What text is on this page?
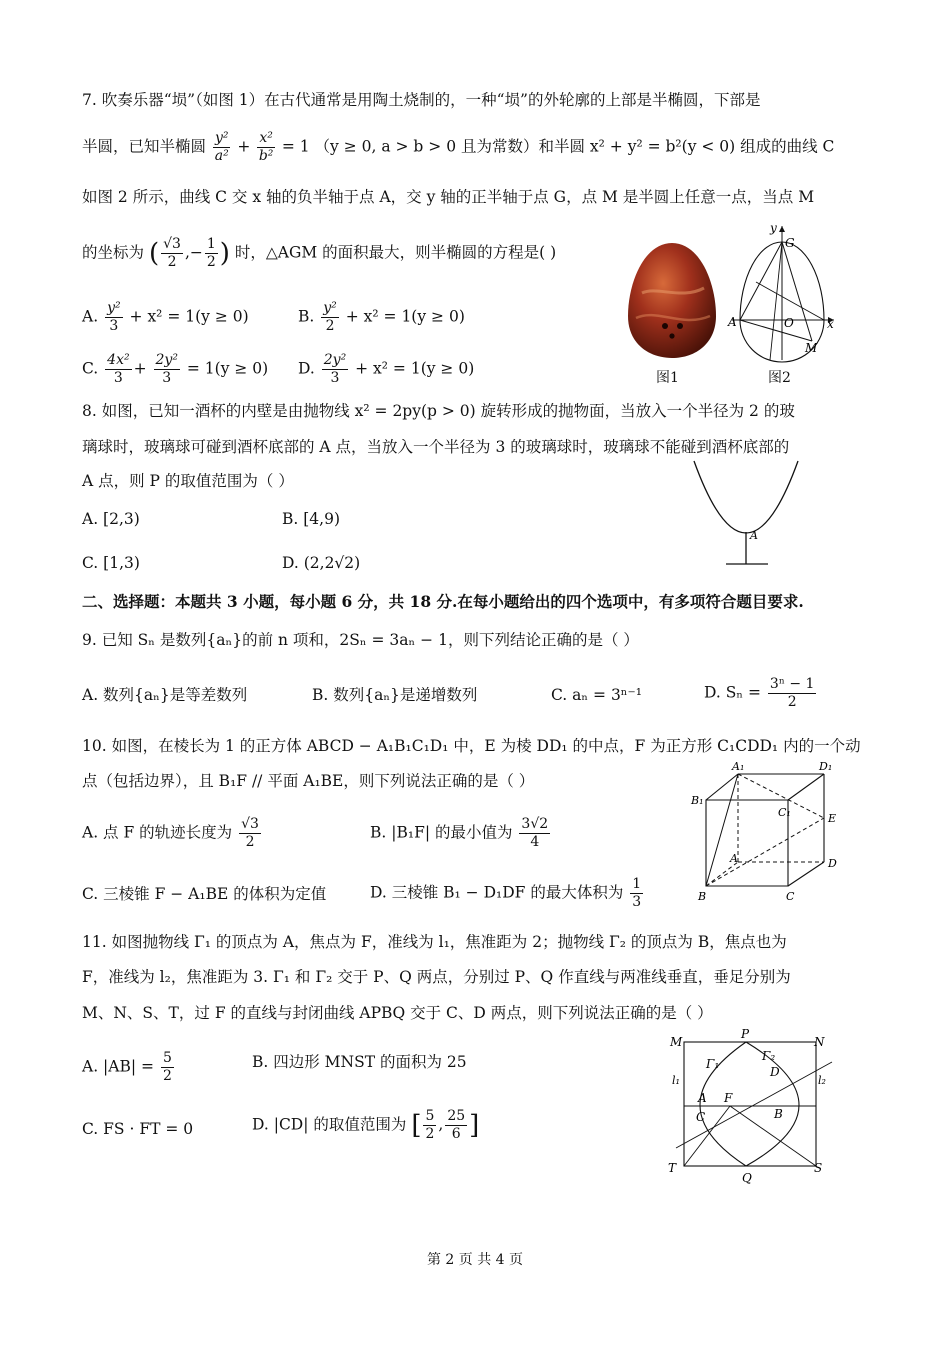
7. 吹奏乐器“埙”（如图 1）在古代通常是用陶土烧制的，一种“埙”的外轮廓的上部是半椭圆，下部是
半圆，已知半椭圆 $\frac{\text{y²}}{\text{a²}} + \frac{\text{x²}}{\text{b²}} = 1$ （y ≥ 0, a > b > 0 且为常数）和半圆 x² + y² = b²(y < 0) 组成的曲线 C
如图 2 所示，曲线 C 交 x 轴的负半轴于点 A，交 y 轴的正半轴于点 G，点 M 是半圆上任意一点，当点 M
的坐标为 ( $\frac{√3}{2}$ ,− $\frac{1}{2}$ ) 时，△AGM 的面积最大，则半椭圆的方程是( )
A. $\frac{\text{y²}}{3} + x^2 = 1(y \ge 0)$	B. $\frac{\text{y²}}{2} + x^2 = 1(y \ge 0)$
C. $\frac{\text{4x²}}{3} + \frac{\text{2y²}}{3} = 1(y \ge 0)$ D. $\frac{\text{2y²}}{3} + x^2 = 1(y \ge 0)$
图1
G
y
A	O	x
M
图2
8. 如图，已知一酒杯的内壁是由抛物线 x² = 2py(p > 0) 旋转形成的抛物面，当放入一个半径为 2 的玻
璃球时，玻璃球可碰到酒杯底部的 A 点，当放入一个半径为 3 的玻璃球时，玻璃球不能碰到酒杯底部的
A 点，则 P 的取值范围为（ ）
A. [2,3)	B. [4,9)
C. [1,3)	D. (2,2√2)
A
二、选择题：本题共 3 小题，每小题 6 分，共 18 分.在每小题给出的四个选项中，有多项符合题目要求.
9. 已知 Sₙ 是数列{aₙ}的前 n 项和，2Sₙ = 3aₙ − 1，则下列结论正确的是（ ）
A. 数列{aₙ}是等差数列	B. 数列{aₙ}是递增数列	C. aₙ = 3ⁿ⁻¹	D. $S_n = \frac{\text{3ⁿ − 1}}{2}$
10. 如图，在棱长为 1 的正方体 ABCD − A₁B₁C₁D₁ 中，E 为棱 DD₁ 的中点，F 为正方形 C₁CDD₁ 内的一个动
点（包括边界），且 B₁F // 平面 A₁BE，则下列说法正确的是（ ）
A. 点 F 的轨迹长度为 $\frac{√3}{2}$	B. |B₁F| 的最小值为 $\frac{3√2}{4}$
C. 三棱锥 F − A₁BE 的体积为定值	D. 三棱锥 B₁ − D₁DF 的最大体积为 $\frac{1}{3}$
A₁	D₁
B₁
C₁	E
A	D
B	C
11. 如图抛物线 Γ₁ 的顶点为 A，焦点为 F，准线为 l₁，焦准距为 2；抛物线 Γ₂ 的顶点为 B，焦点也为
F，准线为 l₂，焦准距为 3. Γ₁ 和 Γ₂ 交于 P、Q 两点，分别过 P、Q 作直线与两准线垂直，垂足分别为
M、N、S、T，过 F 的直线与封闭曲线 APBQ 交于 C、D 两点，则下列说法正确的是（ ）
A. $|AB| = \frac{5}{2}$	B. 四边形 MNST 的面积为 25
C. FS · FT = 0	D. |CD| 的取值范围为 [ $\frac{5}{2}$ , $\frac{25}{6}$ ]
M
P
N
Γ₁
Γ₂
D
l₁	l₂
A F
C	B
T
Q
S
第 2 页 共 4 页
